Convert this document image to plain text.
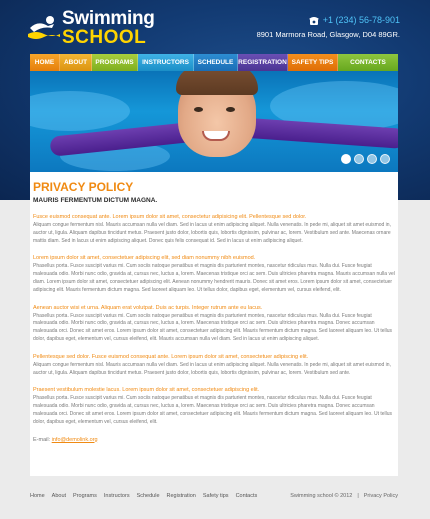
Swimming
SCHOOL
+1 (234) 56-78-901
8901 Marmora Road, Glasgow, D04 89GR.
HOME	ABOUT	PROGRAMS	INSTRUCTORS	SCHEDULE REGISTRATION SAFETY TIPS	CONTACTS
PRIVACY POLICY
MAURIS FERMENTUM DICTUM MAGNA.
Fusce euismod consequat ante. Lorem ipsum dolor sit amet, consectetur adipisicing elit. Pellentesque sed dolor.
Aliquam congue fermentum nisl. Mauris accumsan nulla vel diam. Sed in lacus ut enim adipiscing aliquet. Nulla venenatis. In pede mi, aliquet sit amet euismod in, auctor ut, ligula. Aliquam dapibus tincidunt metus. Praesent justo dolor, lobortis quis, lobortis dignissim, pulvinar ac, lorem. Vestibulum sed ante. Maecenas ornare mattis diam. Sed in lacus ut enim adipiscing aliquet. Donec quis felis consequat id. Sed in lacus ut enim adipiscing aliquet.
Lorem ipsum dolor sit amet, consectetuer adipiscing elit, sed diam nonummy nibh euismod.
Phasellus porta. Fusce suscipit varius mi. Cum sociis natoque penatibus et magnis dis parturient montes, nascetur ridiculus mus. Nulla dui. Fusce feugiat malesuada odio. Morbi nunc odio, gravida at, cursus nec, luctus a, lorem. Maecenas tristique orci ac sem. Duis ultricies pharetra magna. Mauris accumsan nulla vel diam. Lorem ipsum dolor sit amet, consectetuer adipiscing elit. Aenean nonummy hendrerit mauris. Donec sit amet eros. Lorem ipsum dolor sit amet, consectetuer adipiscing elit. Mauris fermentum dictum magna. Sed laoreet aliquam leo. Ut tellus dolor, dapibus eget, elementum vel, cursus eleifend, elit.
Aenean auctor wisi et urna. Aliquam erat volutpat. Duis ac turpis. Integer rutrum ante eu lacus.
Phasellus porta. Fusce suscipit varius mi. Cum sociis natoque penatibus et magnis dis parturient montes, nascetur ridiculus mus. Nulla dui. Fusce feugiat malesuada odio. Morbi nunc odio, gravida at, cursus nec, luctus a, lorem. Maecenas tristique orci ac sem. Duis ultricies pharetra magna. Donec accumsan malesuada orci. Donec sit amet eros. Lorem ipsum dolor sit amet, consectetuer adipiscing elit. Mauris fermentum dictum magna. Sed laoreet aliquam leo. Ut tellus dolor, dapibus eget, elementum vel, cursus eleifend, elit. Mauris accumsan nulla vel diam. Sed in lacus ut enim adipiscing aliquet.
Pellentesque sed dolor. Fusce euismod consequat ante. Lorem ipsum dolor sit amet, consectetuer adipiscing elit.
Aliquam congue fermentum nisl. Mauris accumsan nulla vel diam. Sed in lacus ut enim adipiscing aliquet. Nulla venenatis. In pede mi, aliquet sit amet euismod in, auctor ut, ligula. Aliquam dapibus tincidunt metus. Praesent justo dolor, lobortis quis, lobortis dignissim, pulvinar ac, lorem. Vestibulum sed ante.
Praesent vestibulum molestie lacus. Lorem ipsum dolor sit amet, consectetuer adipiscing elit.
Phasellus porta. Fusce suscipit varius mi. Cum sociis natoque penatibus et magnis dis parturient montes, nascetur ridiculus mus. Nulla dui. Fusce feugiat malesuada odio. Morbi nunc odio, gravida at, cursus nec, luctus a, lorem. Maecenas tristique orci ac sem. Duis ultricies pharetra magna. Donec accumsan malesuada orci. Donec sit amet eros. Lorem ipsum dolor sit amet, consectetuer adipiscing elit. Mauris fermentum dictum magna. Sed laoreet aliquam leo. Ut tellus dolor, dapibus eget, elementum vel, cursus eleifend, elit.
E-mail: info@demolink.org
Home About Programs Instructors Schedule Registration Safety tips Contacts	Swimming school © 2012 | Privacy Policy
